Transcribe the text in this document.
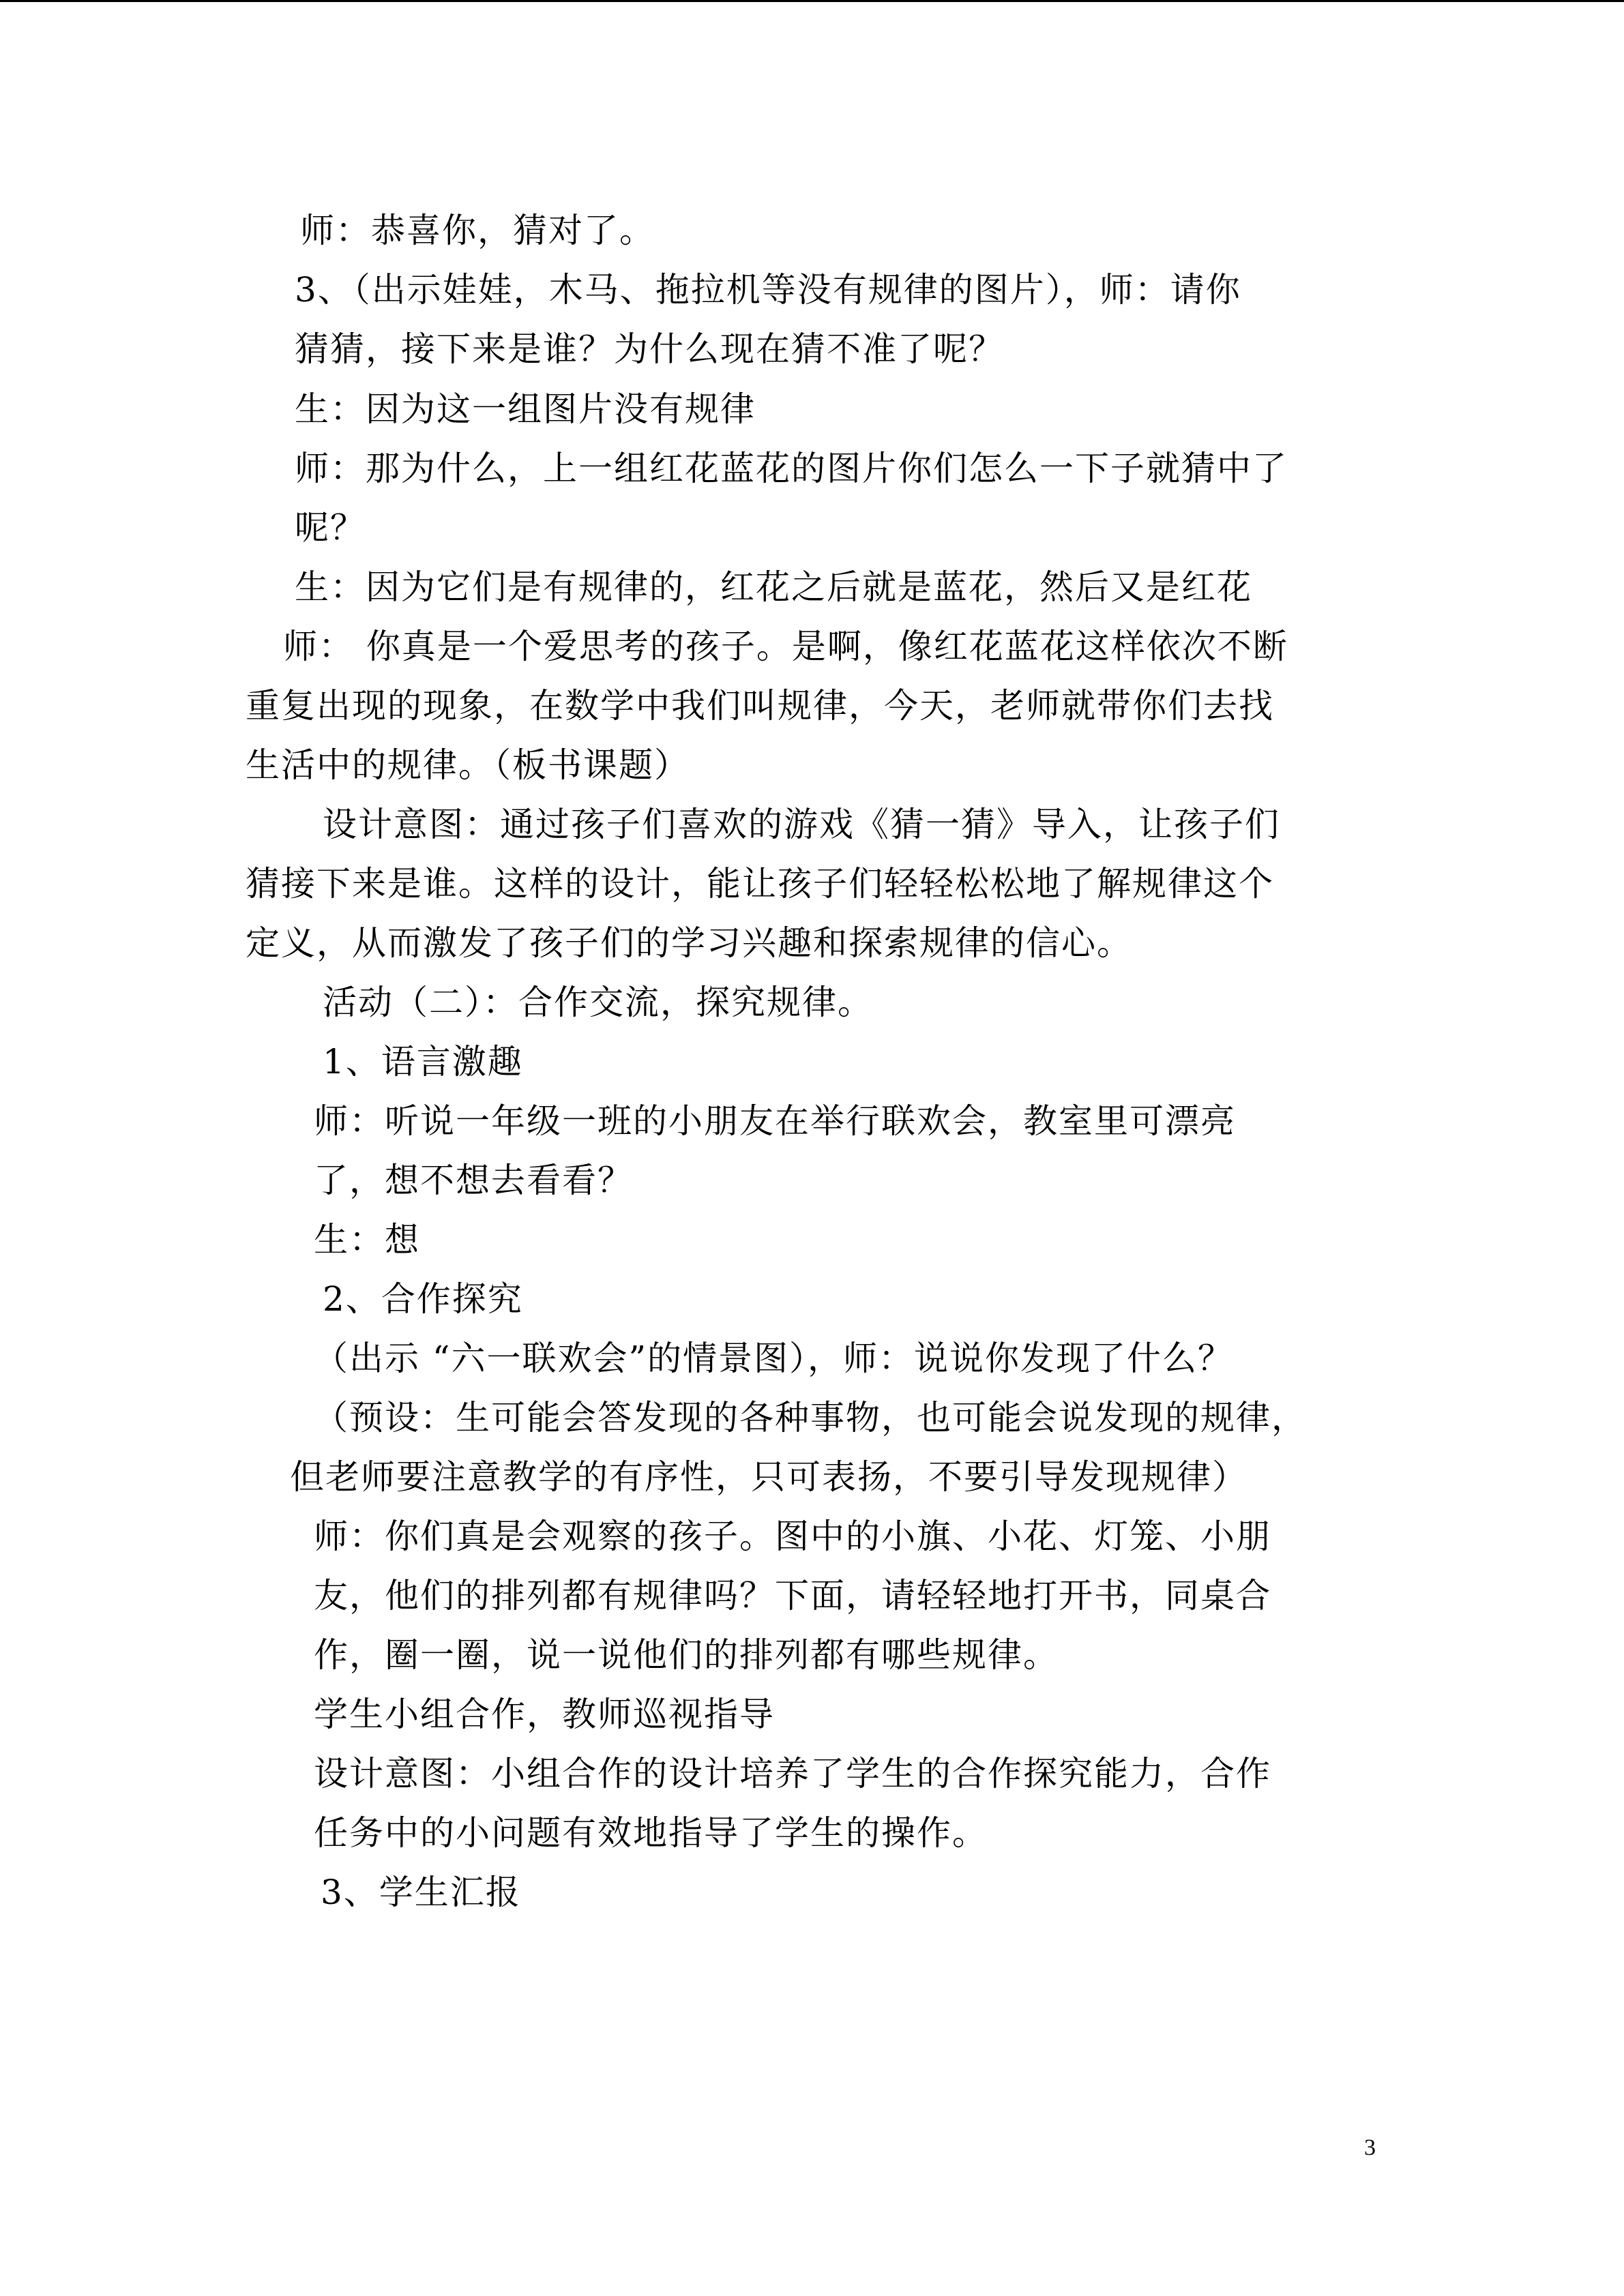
师：恭喜你，猜对了。
3、（出示娃娃，木马、拖拉机等没有规律的图片），师：请你
猜猜，接下来是谁？为什么现在猜不准了呢？
生：因为这一组图片没有规律
师：那为什么，上一组红花蓝花的图片你们怎么一下子就猜中了
呢？
生：因为它们是有规律的，红花之后就是蓝花，然后又是红花
师： 你真是一个爱思考的孩子。是啊，像红花蓝花这样依次不断
重复出现的现象，在数学中我们叫规律，今天，老师就带你们去找
生活中的规律。（板书课题）
设计意图：通过孩子们喜欢的游戏《猜一猜》导入，让孩子们
猜接下来是谁。这样的设计，能让孩子们轻轻松松地了解规律这个
定义，从而激发了孩子们的学习兴趣和探索规律的信心。
活动（二）：合作交流，探究规律。
1、语言激趣
师：听说一年级一班的小朋友在举行联欢会，教室里可漂亮
了，想不想去看看？
生：想
2、合作探究
（出示 “六一联欢会”的情景图），师：说说你发现了什么？
（预设：生可能会答发现的各种事物，也可能会说发现的规律，
但老师要注意教学的有序性，只可表扬，不要引导发现规律）
师：你们真是会观察的孩子。图中的小旗、小花、灯笼、小朋
友，他们的排列都有规律吗？下面，请轻轻地打开书，同桌合
作，圈一圈，说一说他们的排列都有哪些规律。
学生小组合作，教师巡视指导
设计意图：小组合作的设计培养了学生的合作探究能力，合作
任务中的小问题有效地指导了学生的操作。
3、学生汇报
3
